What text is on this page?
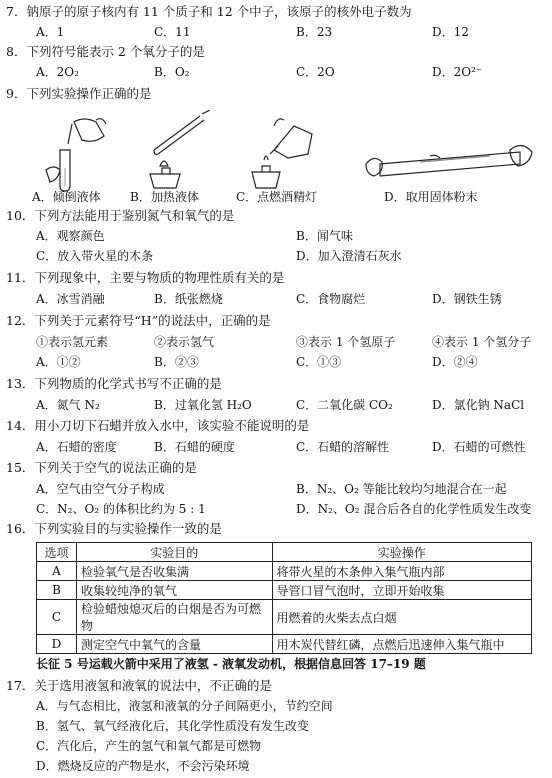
7．钠原子的原子核内有 11 个质子和 12 个中子，该原子的核外电子数为
A．1	C．11	B．23	D．12
8．下列符号能表示 2 个氧分子的是
A．2O₂	B．O₂	C．2O	D．2O²⁻
9．下列实验操作正确的是
A．倾倒液体 B．加热液体	C．点燃酒精灯	D．取用固体粉末
10．下列方法能用于鉴别氮气和氧气的是
A．观察颜色	B．闻气味
C．放入带火星的木条	D．加入澄清石灰水
11．下列现象中，主要与物质的物理性质有关的是
A．冰雪消融	B．纸张燃烧	C．食物腐烂	D．钢铁生锈
12．下列关于元素符号“H”的说法中，正确的是
①表示氢元素	②表示氢气	③表示 1 个氢原子	④表示 1 个氢分子
A．①②	B．②③	C．①③	D．②④
13．下列物质的化学式书写不正确的是
A．氮气 N₂	B．过氧化氢 H₂O	C．二氧化碳 CO₂	D．氯化钠 NaCl
14．用小刀切下石蜡并放入水中，该实验不能说明的是
A．石蜡的密度	B．石蜡的硬度	C．石蜡的溶解性	D．石蜡的可燃性
15．下列关于空气的说法正确的是
A．空气由空气分子构成	B．N₂、O₂ 等能比较均匀地混合在一起
C．N₂、O₂ 的体积比约为 5 : 1	D．N₂、O₂ 混合后各自的化学性质发生改变
16．下列实验目的与实验操作一致的是
选项	实验目的	实验操作
A	检验氧气是否收集满	将带火星的木条伸入集气瓶内部
B	收集较纯净的氧气	导管口冒气泡时，立即开始收集
C	检验蜡烛熄灭后的白烟是否为可燃物	用燃着的火柴去点白烟
D	测定空气中氧气的含量	用木炭代替红磷，点燃后迅速伸入集气瓶中
长征 5 号运载火箭中采用了液氢 - 液氧发动机，根据信息回答 17–19 题
17．关于选用液氢和液氧的说法中，不正确的是
A．与气态相比，液氢和液氧的分子间隔更小，节约空间
B．氢气、氧气经液化后，其化学性质没有发生改变
C．汽化后，产生的氢气和氧气都是可燃物
D．燃烧反应的产物是水，不会污染环境
